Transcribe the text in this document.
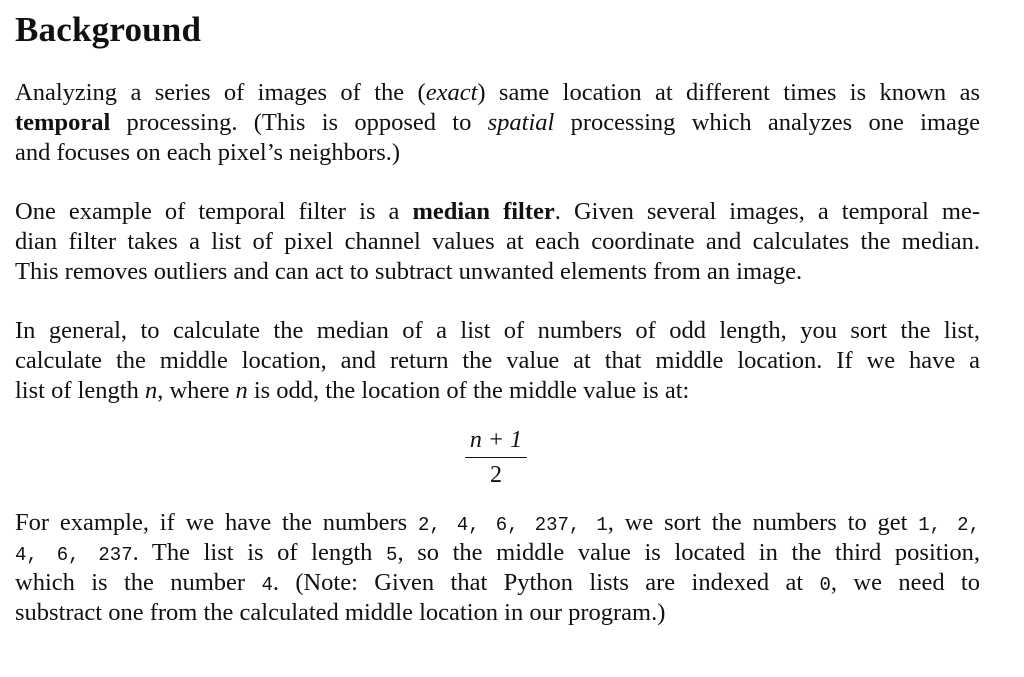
Background
Analyzing a series of images of the (exact) same location at different times is known as
temporal processing. (This is opposed to spatial processing which analyzes one image
and focuses on each pixel’s neighbors.)
One example of temporal filter is a median filter. Given several images, a temporal me-
dian filter takes a list of pixel channel values at each coordinate and calculates the median.
This removes outliers and can act to subtract unwanted elements from an image.
In general, to calculate the median of a list of numbers of odd length, you sort the list,
calculate the middle location, and return the value at that middle location. If we have a
list of length n, where n is odd, the location of the middle value is at:
n + 1
2
For example, if we have the numbers 2, 4, 6, 237, 1, we sort the numbers to get 1, 2,
4, 6, 237. The list is of length 5, so the middle value is located in the third position,
which is the number 4. (Note: Given that Python lists are indexed at 0, we need to
substract one from the calculated middle location in our program.)
